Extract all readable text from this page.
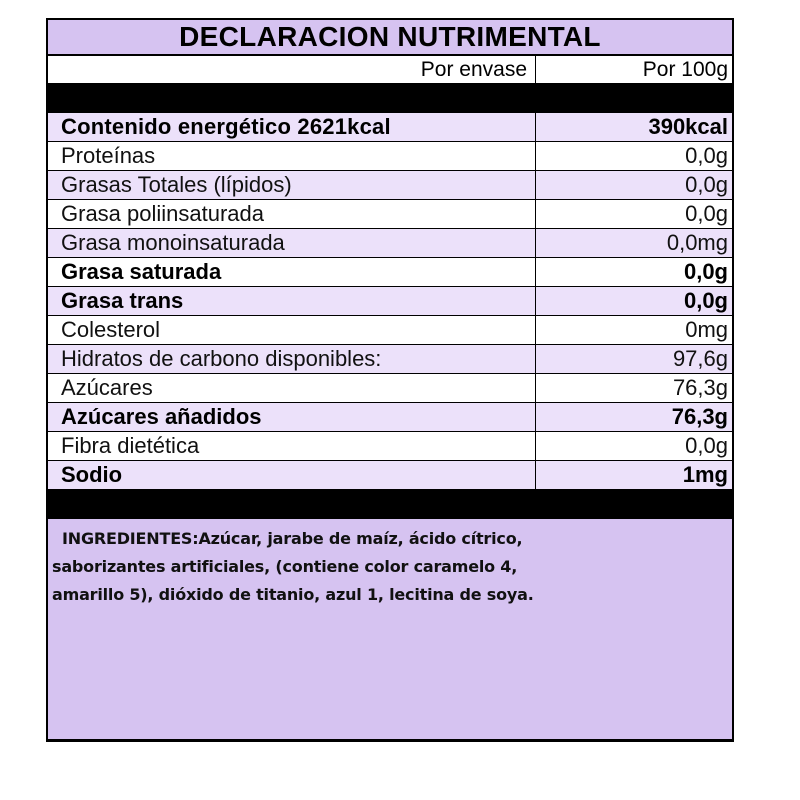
DECLARACION NUTRIMENTAL
Por envase	Por 100g
Contenido energético 2621kcal	390kcal
Proteínas	0,0g
Grasas Totales (lípidos)	0,0g
Grasa poliinsaturada	0,0g
Grasa monoinsaturada	0,0mg
Grasa saturada	0,0g
Grasa trans	0,0g
Colesterol	0mg
Hidratos de carbono disponibles:	97,6g
Azúcares	76,3g
Azúcares añadidos	76,3g
Fibra dietética	0,0g
Sodio	1mg
INGREDIENTES:Azúcar, jarabe de maíz, ácido cítrico,
saborizantes artificiales, (contiene color caramelo 4,
amarillo 5), dióxido de titanio, azul 1, lecitina de soya.
